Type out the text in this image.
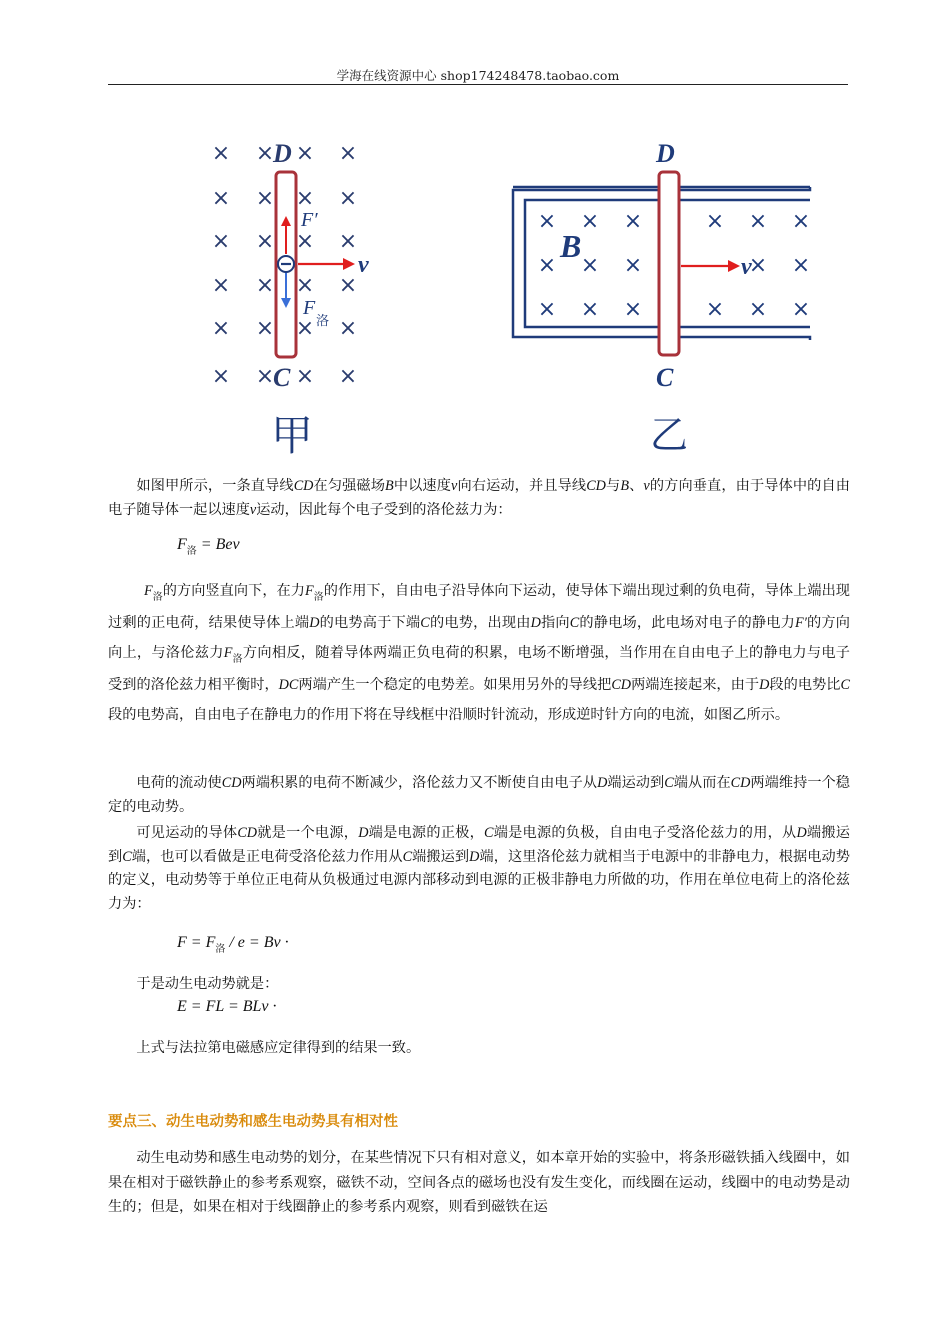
学海在线资源中心 shop174248478.taobao.com
×	× ×
× × × ×
× × × ×
× × × ×
× × × ×
×	× ×
×
×
D
C
v
F′
F
洛
甲
× × ×	× × ×
× × ×	× ×
× × ×	× × ×
B
D
C
v
乙
如图甲所示，一条直导线CD在匀强磁场B中以速度v向右运动，并且导线CD与B、v的方向垂直，由于导体中的自由电子随导体一起以速度v运动，因此每个电子受到的洛伦兹力为：
$F_洛$ = Bev
$F_洛$的方向竖直向下，在力$F_洛$的作用下，自由电子沿导体向下运动，使导体下端出现过剩的负电荷，导体上端出现过剩的正电荷，结果使导体上端D的电势高于下端C的电势，出现由D指向C的静电场，此电场对电子的静电力F′的方向向上，与洛伦兹力$F_洛$方向相反，随着导体两端正负电荷的积累，电场不断增强，当作用在自由电子上的静电力与电子受到的洛伦兹力相平衡时，DC两端产生一个稳定的电势差。如果用另外的导线把CD两端连接起来，由于D段的电势比C段的电势高，自由电子在静电力的作用下将在导线框中沿顺时针流动，形成逆时针方向的电流，如图乙所示。
电荷的流动使CD两端积累的电荷不断减少，洛伦兹力又不断使自由电子从D端运动到C端从而在CD两端维持一个稳定的电动势。
可见运动的导体CD就是一个电源，D端是电源的正极，C端是电源的负极，自由电子受洛伦兹力的用，从D端搬运到C端，也可以看做是正电荷受洛伦兹力作用从C端搬运到D端，这里洛伦兹力就相当于电源中的非静电力，根据电动势的定义，电动势等于单位正电荷从负极通过电源内部移动到电源的正极非静电力所做的功，作用在单位电荷上的洛伦兹力为：
$F = F_洛 / e = Bv$ ·
于是动生电动势就是：
E = FL = BLv ·
上式与法拉第电磁感应定律得到的结果一致。
要点三、动生电动势和感生电动势具有相对性
动生电动势和感生电动势的划分，在某些情况下只有相对意义，如本章开始的实验中，将条形磁铁插入线圈中，如果在相对于磁铁静止的参考系观察，磁铁不动，空间各点的磁场也没有发生变化，而线圈在运动，线圈中的电动势是动生的；但是，如果在相对于线圈静止的参考系内观察，则看到磁铁在运
